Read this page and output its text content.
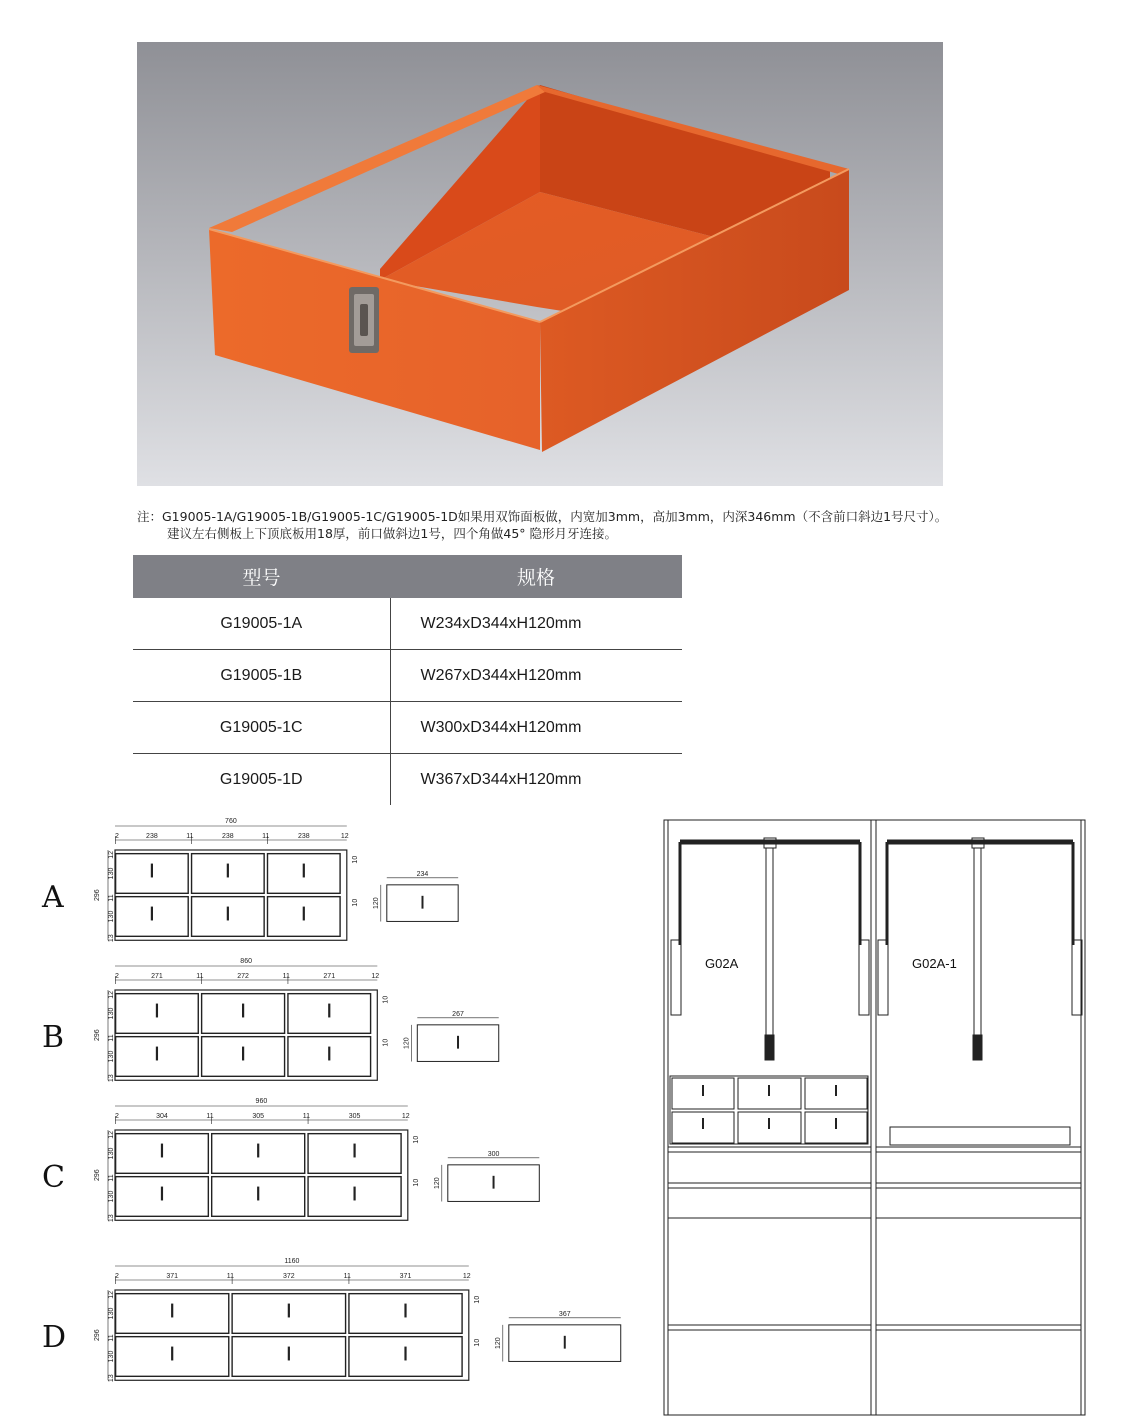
注：G19005-1A/G19005-1B/G19005-1C/G19005-1D如果用双饰面板做，内宽加3mm，高加3mm，内深346mm（不含前口斜边1号尺寸）。
建议左右侧板上下顶底板用18厚，前口做斜边1号，四个角做45° 隐形月牙连接。
型号	规格
G19005-1A	W234xD344xH120mm
G19005-1B	W267xD344xH120mm
G19005-1C	W300xD344xH120mm
G19005-1D	W367xD344xH120mm
A
760
2	238	11	238	11	238	12
296
12
130
11
130
13
10
10
234
120
B
860
2	271	11	272	11	271	12
296
12
130
11
130
13
10
10
267
120
C
960
2	304	11	305	11	305	12
296
12
130
11
130
13
10
10
300
120
D
1160
2	371	11	372	11	371	12
296
12
130
11
130
13
10
10
367
120
G02A	G02A-1
